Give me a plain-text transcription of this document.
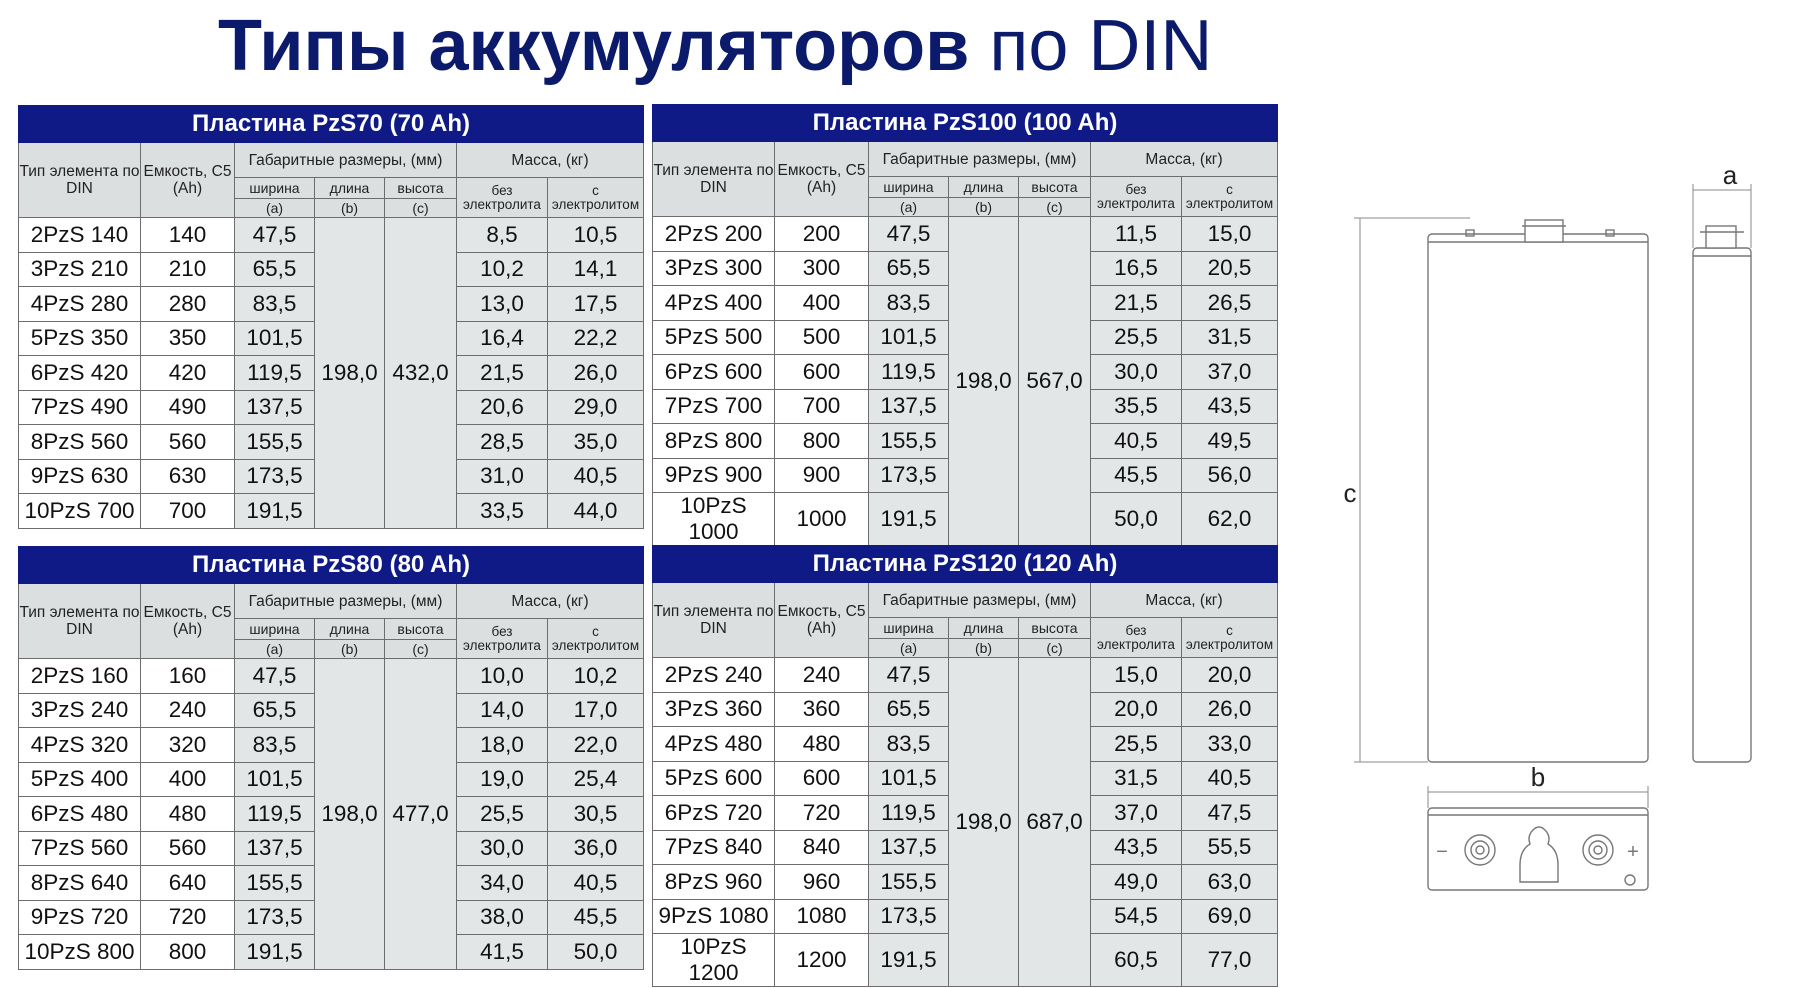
Типы аккумуляторов по DIN
Пластина PzS70 (70 Ah)						
Тип элемента по DIN	Емкость, C5 (Ah)	Габаритные размеры, (мм)			Масса, (кг)	
		ширина	длина	высота	без электролита	с электролитом
		(a)	(b)	(c)		
2PzS 140	140	47,5	198,0	432,0	8,5	10,5
3PzS 210	210	65,5			10,2	14,1
4PzS 280	280	83,5			13,0	17,5
5PzS 350	350	101,5			16,4	22,2
6PzS 420	420	119,5			21,5	26,0
7PzS 490	490	137,5			20,6	29,0
8PzS 560	560	155,5			28,5	35,0
9PzS 630	630	173,5			31,0	40,5
10PzS 700	700	191,5			33,5	44,0
Пластина PzS100 (100 Ah)						
Тип элемента по DIN	Емкость, C5 (Ah)	Габаритные размеры, (мм)			Масса, (кг)	
		ширина	длина	высота	без электролита	с электролитом
		(a)	(b)	(c)		
2PzS 200	200	47,5	198,0	567,0	11,5	15,0
3PzS 300	300	65,5			16,5	20,5
4PzS 400	400	83,5			21,5	26,5
5PzS 500	500	101,5			25,5	31,5
6PzS 600	600	119,5			30,0	37,0
7PzS 700	700	137,5			35,5	43,5
8PzS 800	800	155,5			40,5	49,5
9PzS 900	900	173,5			45,5	56,0
10PzS 1000	1000	191,5			50,0	62,0
Пластина PzS80 (80 Ah)						
Тип элемента по DIN	Емкость, C5 (Ah)	Габаритные размеры, (мм)			Масса, (кг)	
		ширина	длина	высота	без электролита	с электролитом
		(a)	(b)	(c)		
2PzS 160	160	47,5	198,0	477,0	10,0	10,2
3PzS 240	240	65,5			14,0	17,0
4PzS 320	320	83,5			18,0	22,0
5PzS 400	400	101,5			19,0	25,4
6PzS 480	480	119,5			25,5	30,5
7PzS 560	560	137,5			30,0	36,0
8PzS 640	640	155,5			34,0	40,5
9PzS 720	720	173,5			38,0	45,5
10PzS 800	800	191,5			41,5	50,0
Пластина PzS120 (120 Ah)						
Тип элемента по DIN	Емкость, C5 (Ah)	Габаритные размеры, (мм)			Масса, (кг)	
		ширина	длина	высота	без электролита	с электролитом
		(a)	(b)	(c)		
2PzS 240	240	47,5	198,0	687,0	15,0	20,0
3PzS 360	360	65,5			20,0	26,0
4PzS 480	480	83,5			25,5	33,0
5PzS 600	600	101,5			31,5	40,5
6PzS 720	720	119,5			37,0	47,5
7PzS 840	840	137,5			43,5	55,5
8PzS 960	960	155,5			49,0	63,0
9PzS 1080	1080	173,5			54,5	69,0
10PzS 1200	1200	191,5			60,5	77,0
c
a
b
−	+
